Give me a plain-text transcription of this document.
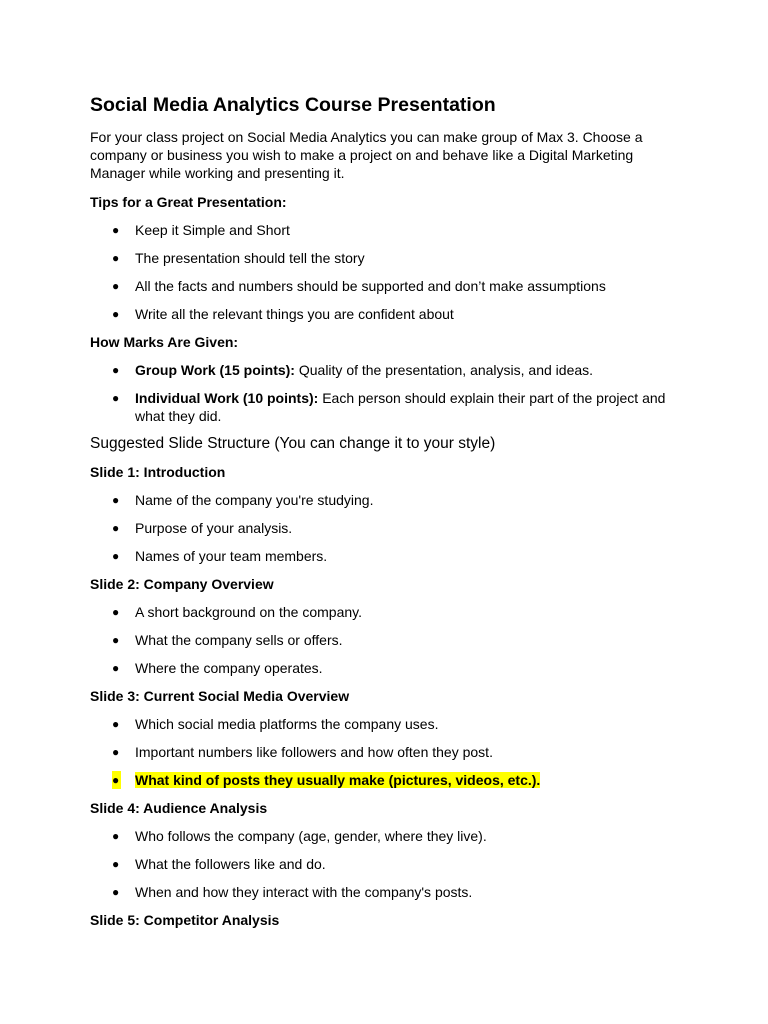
Social Media Analytics Course Presentation

For your class project on Social Media Analytics you can make group of Max 3. Choose a company or business you wish to make a project on and behave like a Digital Marketing Manager while working and presenting it.

Tips for a Great Presentation:

● Keep it Simple and Short
● The presentation should tell the story
● All the facts and numbers should be supported and don’t make assumptions
● Write all the relevant things you are confident about

How Marks Are Given:

● Group Work (15 points): Quality of the presentation, analysis, and ideas.
● Individual Work (10 points): Each person should explain their part of the project and what they did.

Suggested Slide Structure (You can change it to your style)

Slide 1: Introduction

● Name of the company you're studying.
● Purpose of your analysis.
● Names of your team members.

Slide 2: Company Overview

● A short background on the company.
● What the company sells or offers.
● Where the company operates.

Slide 3: Current Social Media Overview

● Which social media platforms the company uses.
● Important numbers like followers and how often they post.
● What kind of posts they usually make (pictures, videos, etc.).

Slide 4: Audience Analysis

● Who follows the company (age, gender, where they live).
● What the followers like and do.
● When and how they interact with the company's posts.

Slide 5: Competitor Analysis
